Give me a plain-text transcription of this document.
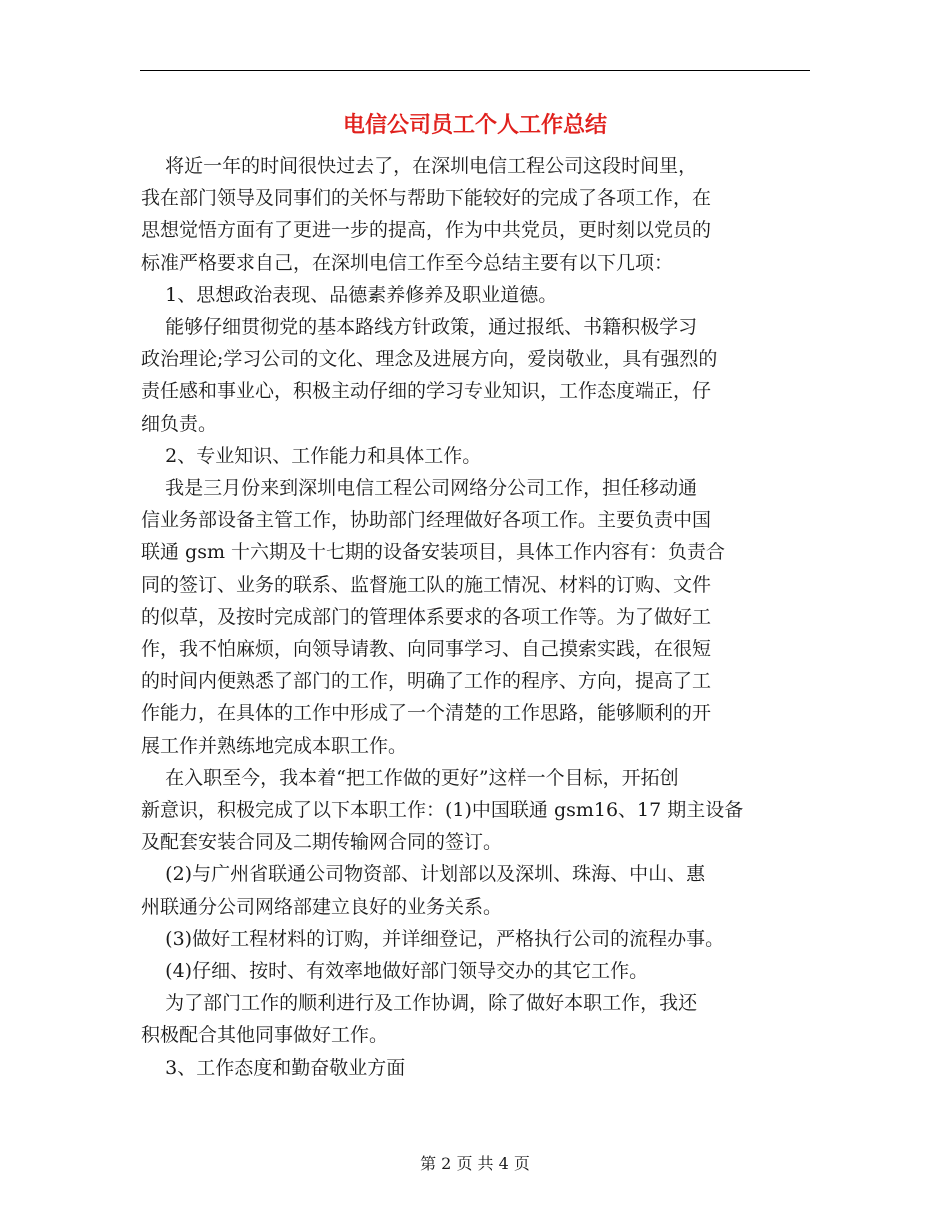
电信公司员工个人工作总结

将近一年的时间很快过去了，在深圳电信工程公司这段时间里，
我在部门领导及同事们的关怀与帮助下能较好的完成了各项工作，在
思想觉悟方面有了更进一步的提高，作为中共党员，更时刻以党员的
标准严格要求自己，在深圳电信工作至今总结主要有以下几项：

1、思想政治表现、品德素养修养及职业道德。

能够仔细贯彻党的基本路线方针政策，通过报纸、书籍积极学习
政治理论;学习公司的文化、理念及进展方向，爱岗敬业，具有强烈的
责任感和事业心，积极主动仔细的学习专业知识，工作态度端正，仔
细负责。

2、专业知识、工作能力和具体工作。

我是三月份来到深圳电信工程公司网络分公司工作，担任移动通
信业务部设备主管工作，协助部门经理做好各项工作。主要负责中国
联通 gsm 十六期及十七期的设备安装项目，具体工作内容有：负责合
同的签订、业务的联系、监督施工队的施工情况、材料的订购、文件
的似草，及按时完成部门的管理体系要求的各项工作等。为了做好工
作，我不怕麻烦，向领导请教、向同事学习、自己摸索实践，在很短
的时间内便熟悉了部门的工作，明确了工作的程序、方向，提高了工
作能力，在具体的工作中形成了一个清楚的工作思路，能够顺利的开
展工作并熟练地完成本职工作。

在入职至今，我本着“把工作做的更好”这样一个目标，开拓创
新意识，积极完成了以下本职工作：(1)中国联通 gsm16、17 期主设备
及配套安装合同及二期传输网合同的签订。

(2)与广州省联通公司物资部、计划部以及深圳、珠海、中山、惠
州联通分公司网络部建立良好的业务关系。

(3)做好工程材料的订购，并详细登记，严格执行公司的流程办事。

(4)仔细、按时、有效率地做好部门领导交办的其它工作。

为了部门工作的顺利进行及工作协调，除了做好本职工作，我还
积极配合其他同事做好工作。

3、工作态度和勤奋敬业方面

第 2 页 共 4 页
